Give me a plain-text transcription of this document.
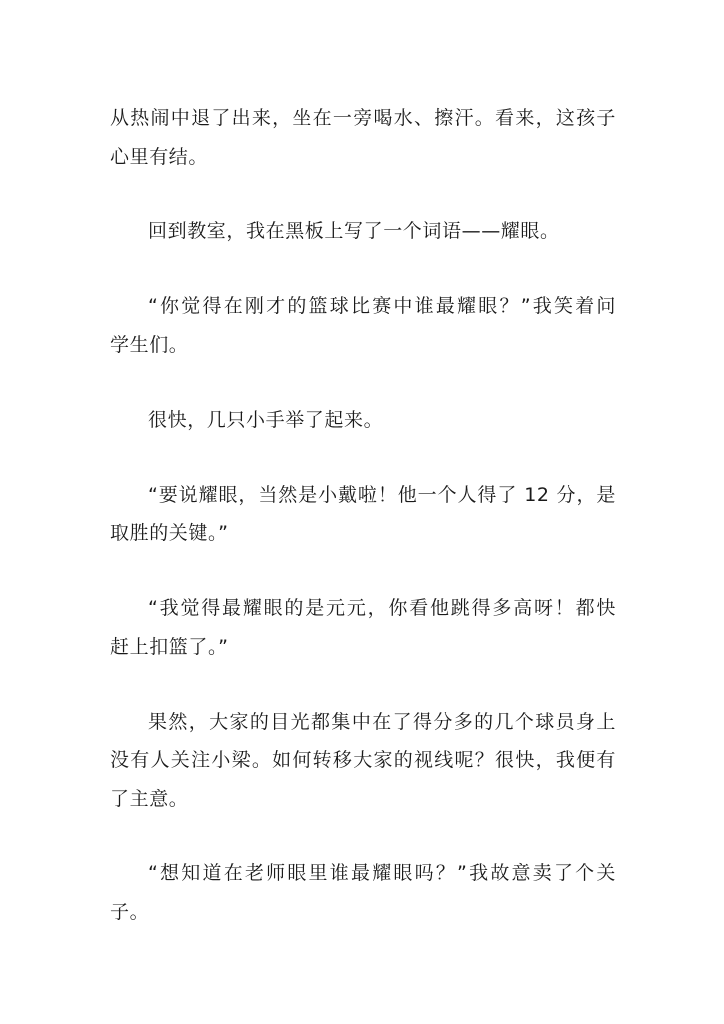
从热闹中退了出来，坐在一旁喝水、擦汗。看来，这孩子
心里有结。
回到教室，我在黑板上写了一个词语——耀眼。
“你觉得在刚才的篮球比赛中谁最耀眼？”我笑着问
学生们。
很快，几只小手举了起来。
“要说耀眼，当然是小戴啦！他一个人得了 12 分，是
取胜的关键。”
“我觉得最耀眼的是元元，你看他跳得多高呀！都快
赶上扣篮了。”
果然，大家的目光都集中在了得分多的几个球员身上
没有人关注小梁。如何转移大家的视线呢？很快，我便有
了主意。
“想知道在老师眼里谁最耀眼吗？”我故意卖了个关
子。
